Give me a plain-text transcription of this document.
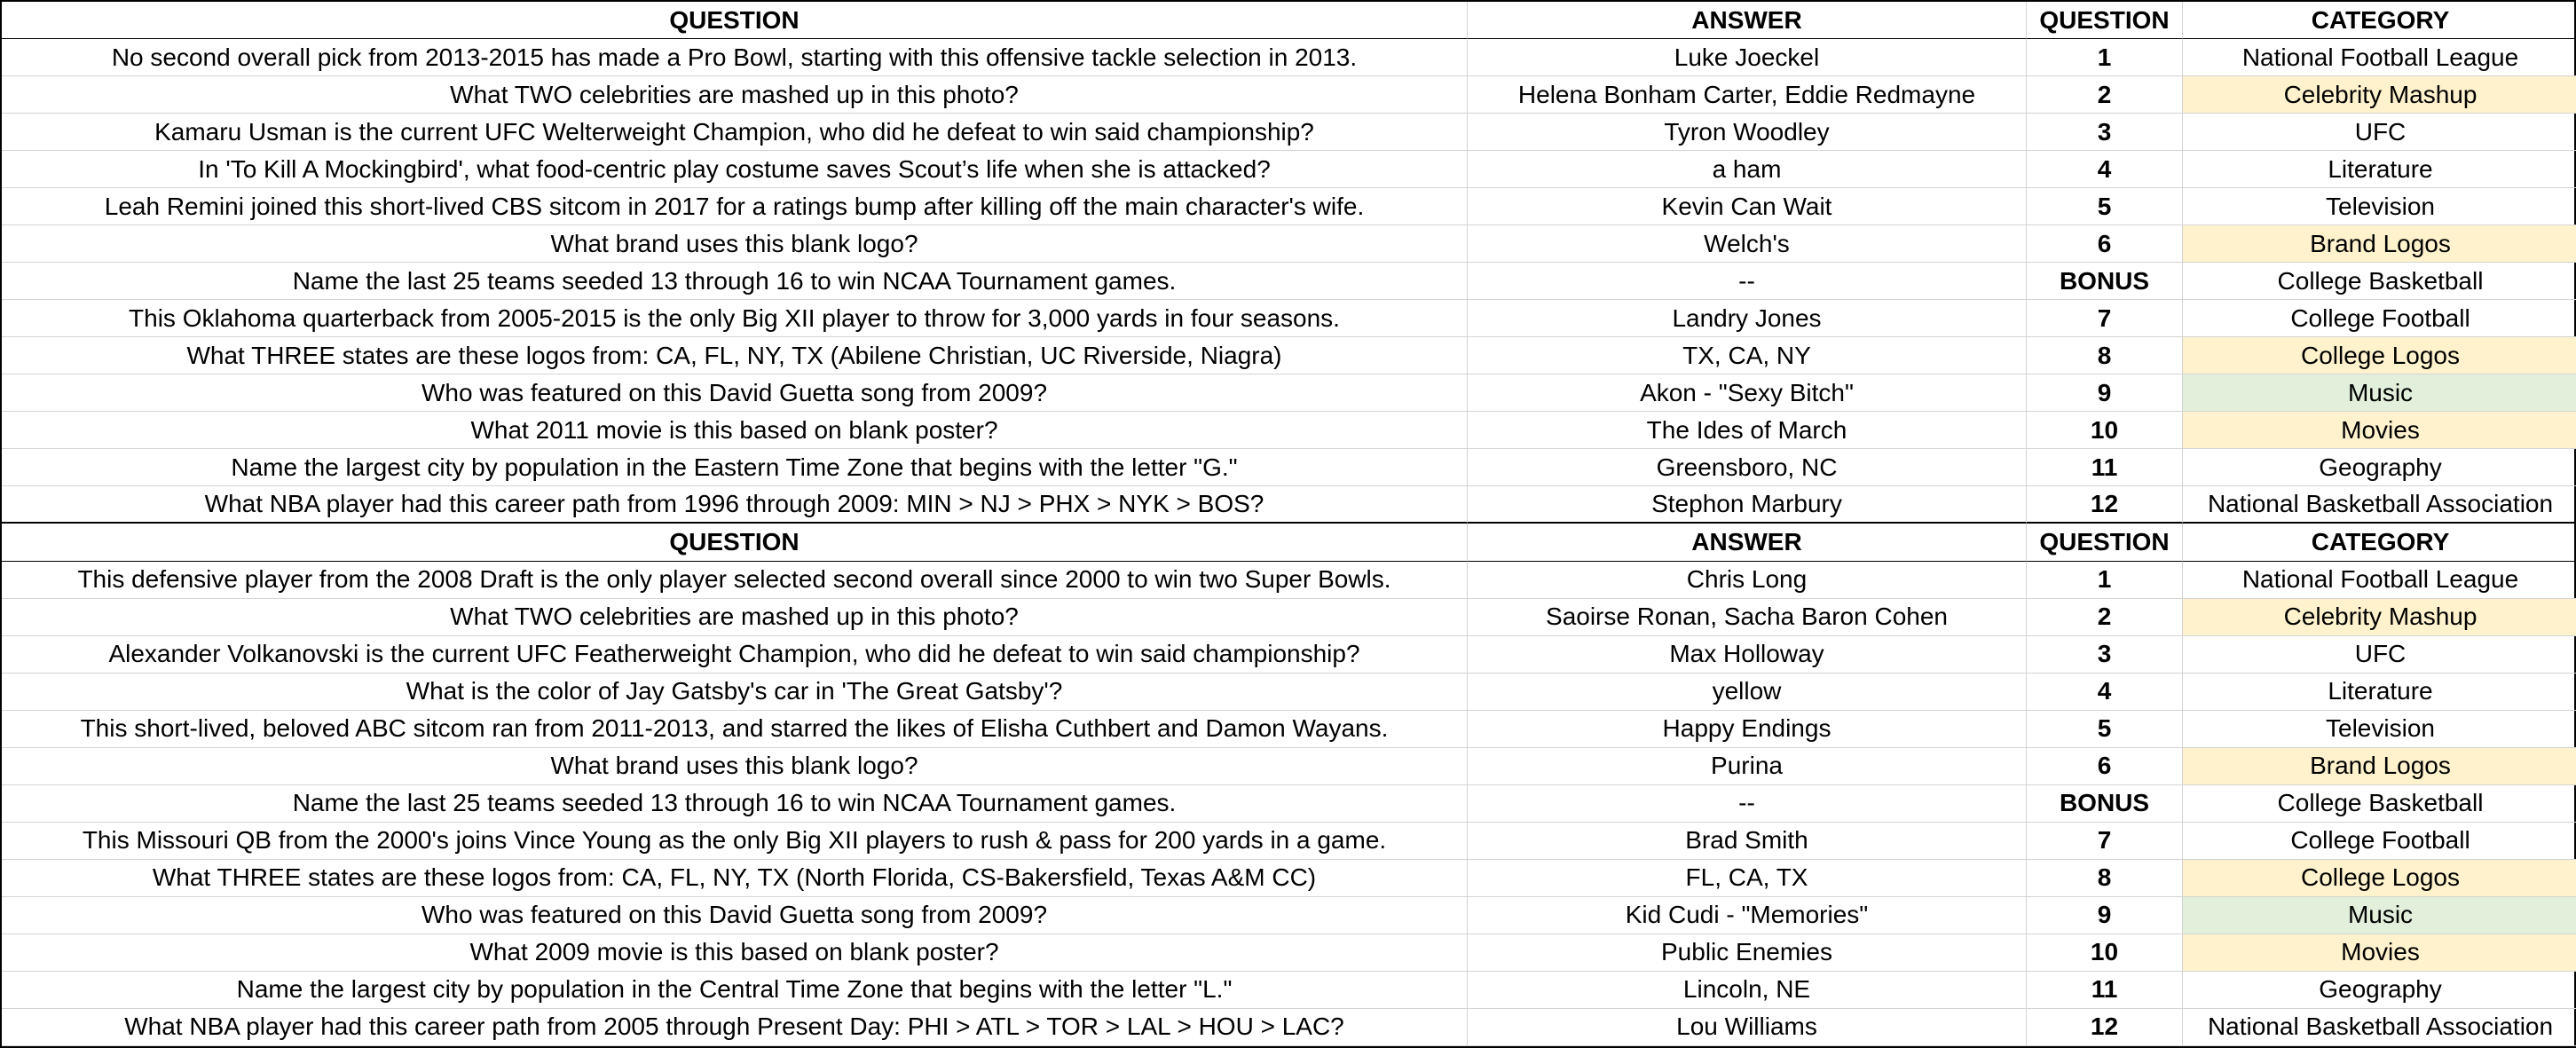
QUESTION	ANSWER	QUESTION	CATEGORY
No second overall pick from 2013-2015 has made a Pro Bowl, starting with this offensive tackle selection in 2013.	Luke Joeckel	1	National Football League
What TWO celebrities are mashed up in this photo?	Helena Bonham Carter, Eddie Redmayne	2	Celebrity Mashup
Kamaru Usman is the current UFC Welterweight Champion, who did he defeat to win said championship?	Tyron Woodley	3	UFC
In 'To Kill A Mockingbird', what food-centric play costume saves Scout’s life when she is attacked?	a ham	4	Literature
Leah Remini joined this short-lived CBS sitcom in 2017 for a ratings bump after killing off the main character's wife.	Kevin Can Wait	5	Television
What brand uses this blank logo?	Welch's	6	Brand Logos
Name the last 25 teams seeded 13 through 16 to win NCAA Tournament games.	--	BONUS	College Basketball
This Oklahoma quarterback from 2005-2015 is the only Big XII player to throw for 3,000 yards in four seasons.	Landry Jones	7	College Football
What THREE states are these logos from: CA, FL, NY, TX (Abilene Christian, UC Riverside, Niagra)	TX, CA, NY	8	College Logos
Who was featured on this David Guetta song from 2009?	Akon - "Sexy Bitch"	9	Music
What 2011 movie is this based on blank poster?	The Ides of March	10	Movies
Name the largest city by population in the Eastern Time Zone that begins with the letter "G."	Greensboro, NC	11	Geography
What NBA player had this career path from 1996 through 2009: MIN > NJ > PHX > NYK > BOS?	Stephon Marbury	12	National Basketball Association
QUESTION	ANSWER	QUESTION	CATEGORY
This defensive player from the 2008 Draft is the only player selected second overall since 2000 to win two Super Bowls.	Chris Long	1	National Football League
What TWO celebrities are mashed up in this photo?	Saoirse Ronan, Sacha Baron Cohen	2	Celebrity Mashup
Alexander Volkanovski is the current UFC Featherweight Champion, who did he defeat to win said championship?	Max Holloway	3	UFC
What is the color of Jay Gatsby's car in 'The Great Gatsby'?	yellow	4	Literature
This short-lived, beloved ABC sitcom ran from 2011-2013, and starred the likes of Elisha Cuthbert and Damon Wayans.	Happy Endings	5	Television
What brand uses this blank logo?	Purina	6	Brand Logos
Name the last 25 teams seeded 13 through 16 to win NCAA Tournament games.	--	BONUS	College Basketball
This Missouri QB from the 2000's joins Vince Young as the only Big XII players to rush & pass for 200 yards in a game.	Brad Smith	7	College Football
What THREE states are these logos from: CA, FL, NY, TX (North Florida, CS-Bakersfield, Texas A&M CC)	FL, CA, TX	8	College Logos
Who was featured on this David Guetta song from 2009?	Kid Cudi - "Memories"	9	Music
What 2009 movie is this based on blank poster?	Public Enemies	10	Movies
Name the largest city by population in the Central Time Zone that begins with the letter "L."	Lincoln, NE	11	Geography
What NBA player had this career path from 2005 through Present Day: PHI > ATL > TOR > LAL > HOU > LAC?	Lou Williams	12	National Basketball Association
